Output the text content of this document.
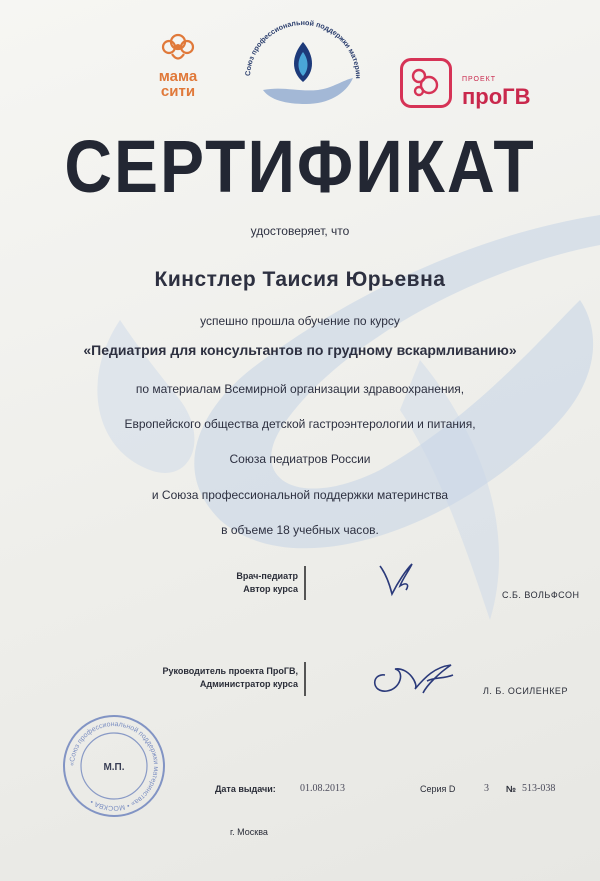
мама
сити
Союз профессиональной поддержки материн	ПРОЕКТ
проГВ
СЕРТИФИКАТ
удостоверяет, что
Кинстлер Таисия Юрьевна
успешно прошла обучение по курсу
«Педиатрия для консультантов по грудному вскармливанию»
по материалам Всемирной организации здравоохранения,
Европейского общества детской гастроэнтерологии и питания,
Союза педиатров России
и Союза профессиональной поддержки материнства
в объеме 18 учебных часов.
Врач-педиатр
Автор курса
С.Б. ВОЛЬФСОН
Руководитель проекта ПроГВ,
Администратор курса
Л. Б. ОСИЛЕНКЕР
«Союз профессиональной поддержки материнства» • МОСКВА •
М.П.
Дата выдачи: 01.08.2013	Серия D	3 № 513-038
г. Москва
